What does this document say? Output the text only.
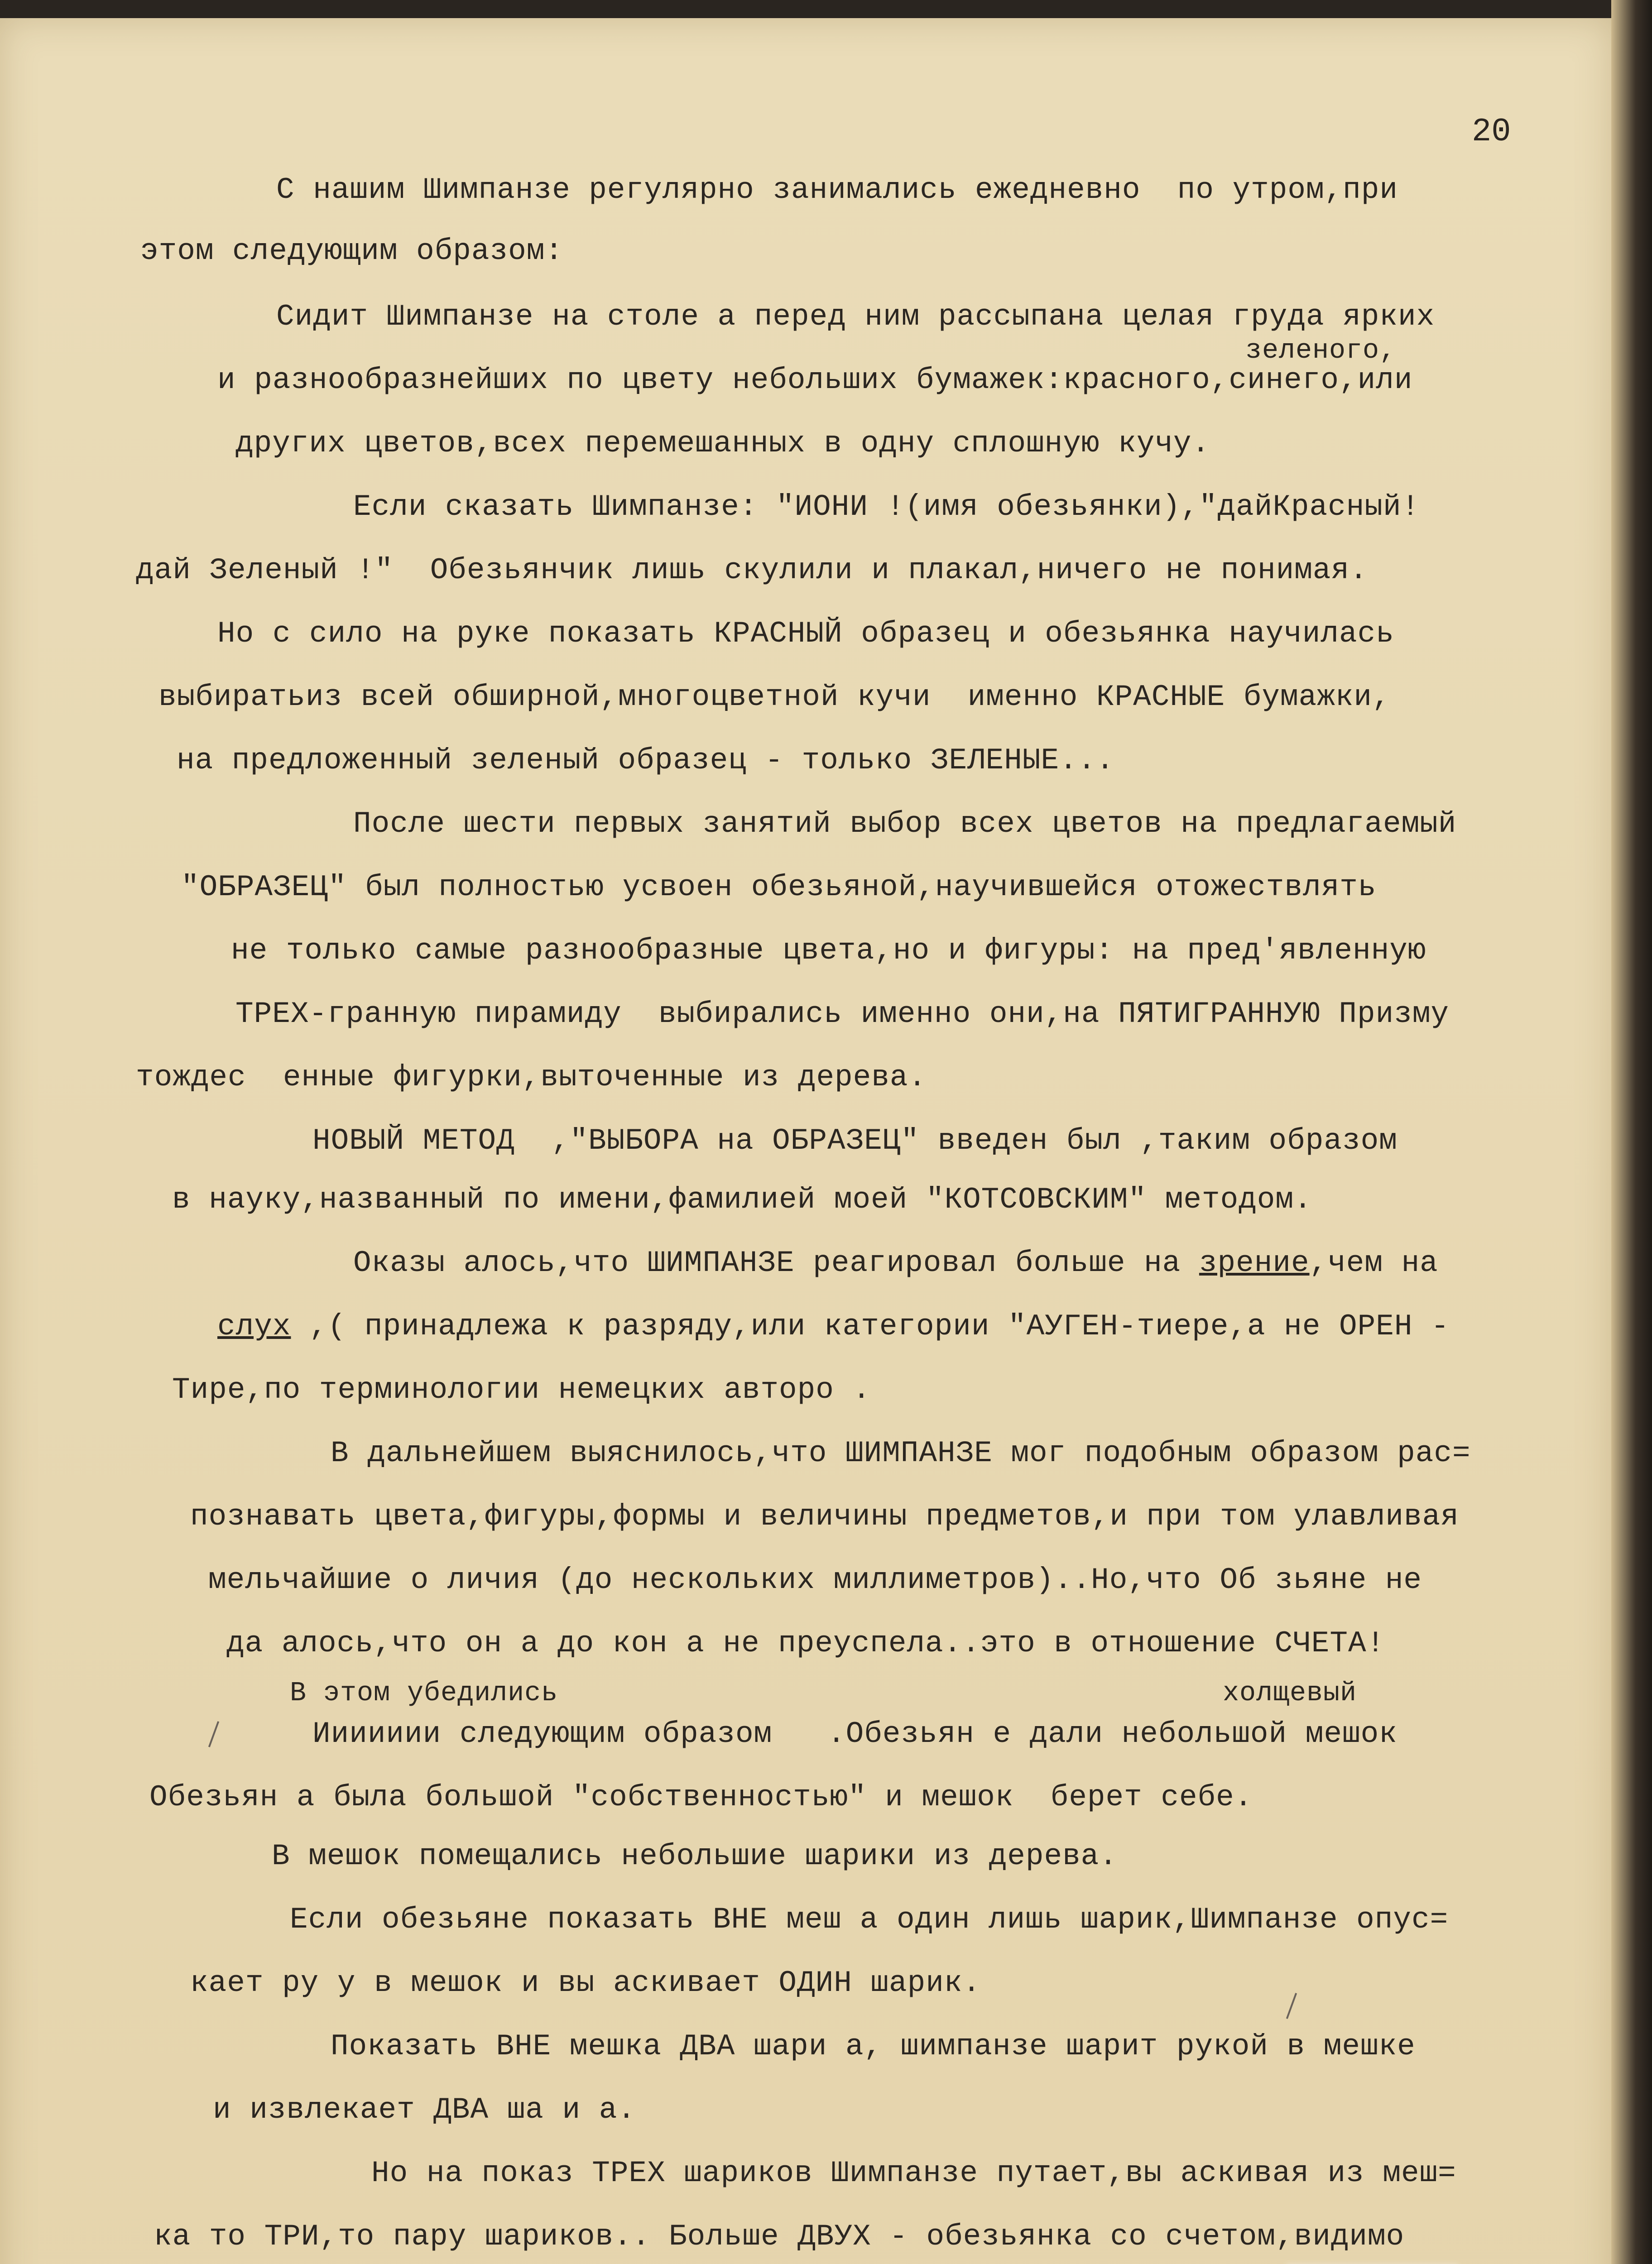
20
С нашим Шимпанзе регулярно занимались ежедневно  по утром,при
этом следующим образом:
Сидит Шимпанзе на столе а перед ним рассыпана целая груда ярких
зеленого,
и разнообразнейших по цвету небольших бумажек:красного,синего,или
других цветов,всех перемешанных в одну сплошную кучу.
Если сказать Шимпанзе: "ИОНИ !(имя обезьянки),"дайКрасный!
дай Зеленый !"  Обезьянчик лишь скулили и плакал,ничего не понимая.
Но с сило на руке показать КРАСНЫЙ образец и обезьянка научилась
выбиратьиз всей обширной,многоцветной кучи  именно КРАСНЫЕ бумажки,
на предложенный зеленый образец - только ЗЕЛЕНЫЕ...
После шести первых занятий выбор всех цветов на предлагаемый
"ОБРАЗЕЦ" был полностью усвоен обезьяной,научившейся отожествлять
не только самые разнообразные цвета,но и фигуры: на пред'явленную
ТРЕХ-гранную пирамиду  выбирались именно они,на ПЯТИГРАННУЮ Призму
тождес  енные фигурки,выточенные из дерева.
НОВЫЙ МЕТОД  ,"ВЫБОРА на ОБРАЗЕЦ" введен был ,таким образом
в науку,названный по имени,фамилией моей "КОТСОВСКИМ" методом.
Оказы алось,что ШИМПАНЗЕ реагировал больше на зрение,чем на
слух ,( принадлежа к разряду,или категории "АУГЕН-тиере,а не ОРЕН -
Тире,по терминологии немецких авторо .
В дальнейшем выяснилось,что ШИМПАНЗЕ мог подобным образом рас=
познавать цвета,фигуры,формы и величины предметов,и при том улавливая
мельчайшие о личия (до нескольких миллиметров)..Но,что Об зьяне не
да алось,что он а до кон а не преуспела..это в отношение СЧЕТА!
В этом убедились	холщевый
Иииииии следующим образом   .Обезьян е дали небольшой мешок
Обезьян а была большой "собственностью" и мешок  берет себе.
В мешок помещались небольшие шарики из дерева.
Если обезьяне показать ВНЕ меш а один лишь шарик,Шимпанзе опус=
кает ру у в мешок и вы аскивает ОДИН шарик.
Показать ВНЕ мешка ДВА шари а, шимпанзе шарит рукой в мешке
и извлекает ДВА ша и а.
Но на показ ТРЕХ шариков Шимпанзе путает,вы аскивая из меш=
ка то ТРИ,то пару шариков.. Больше ДВУХ - обезьянка со счетом,видимо
